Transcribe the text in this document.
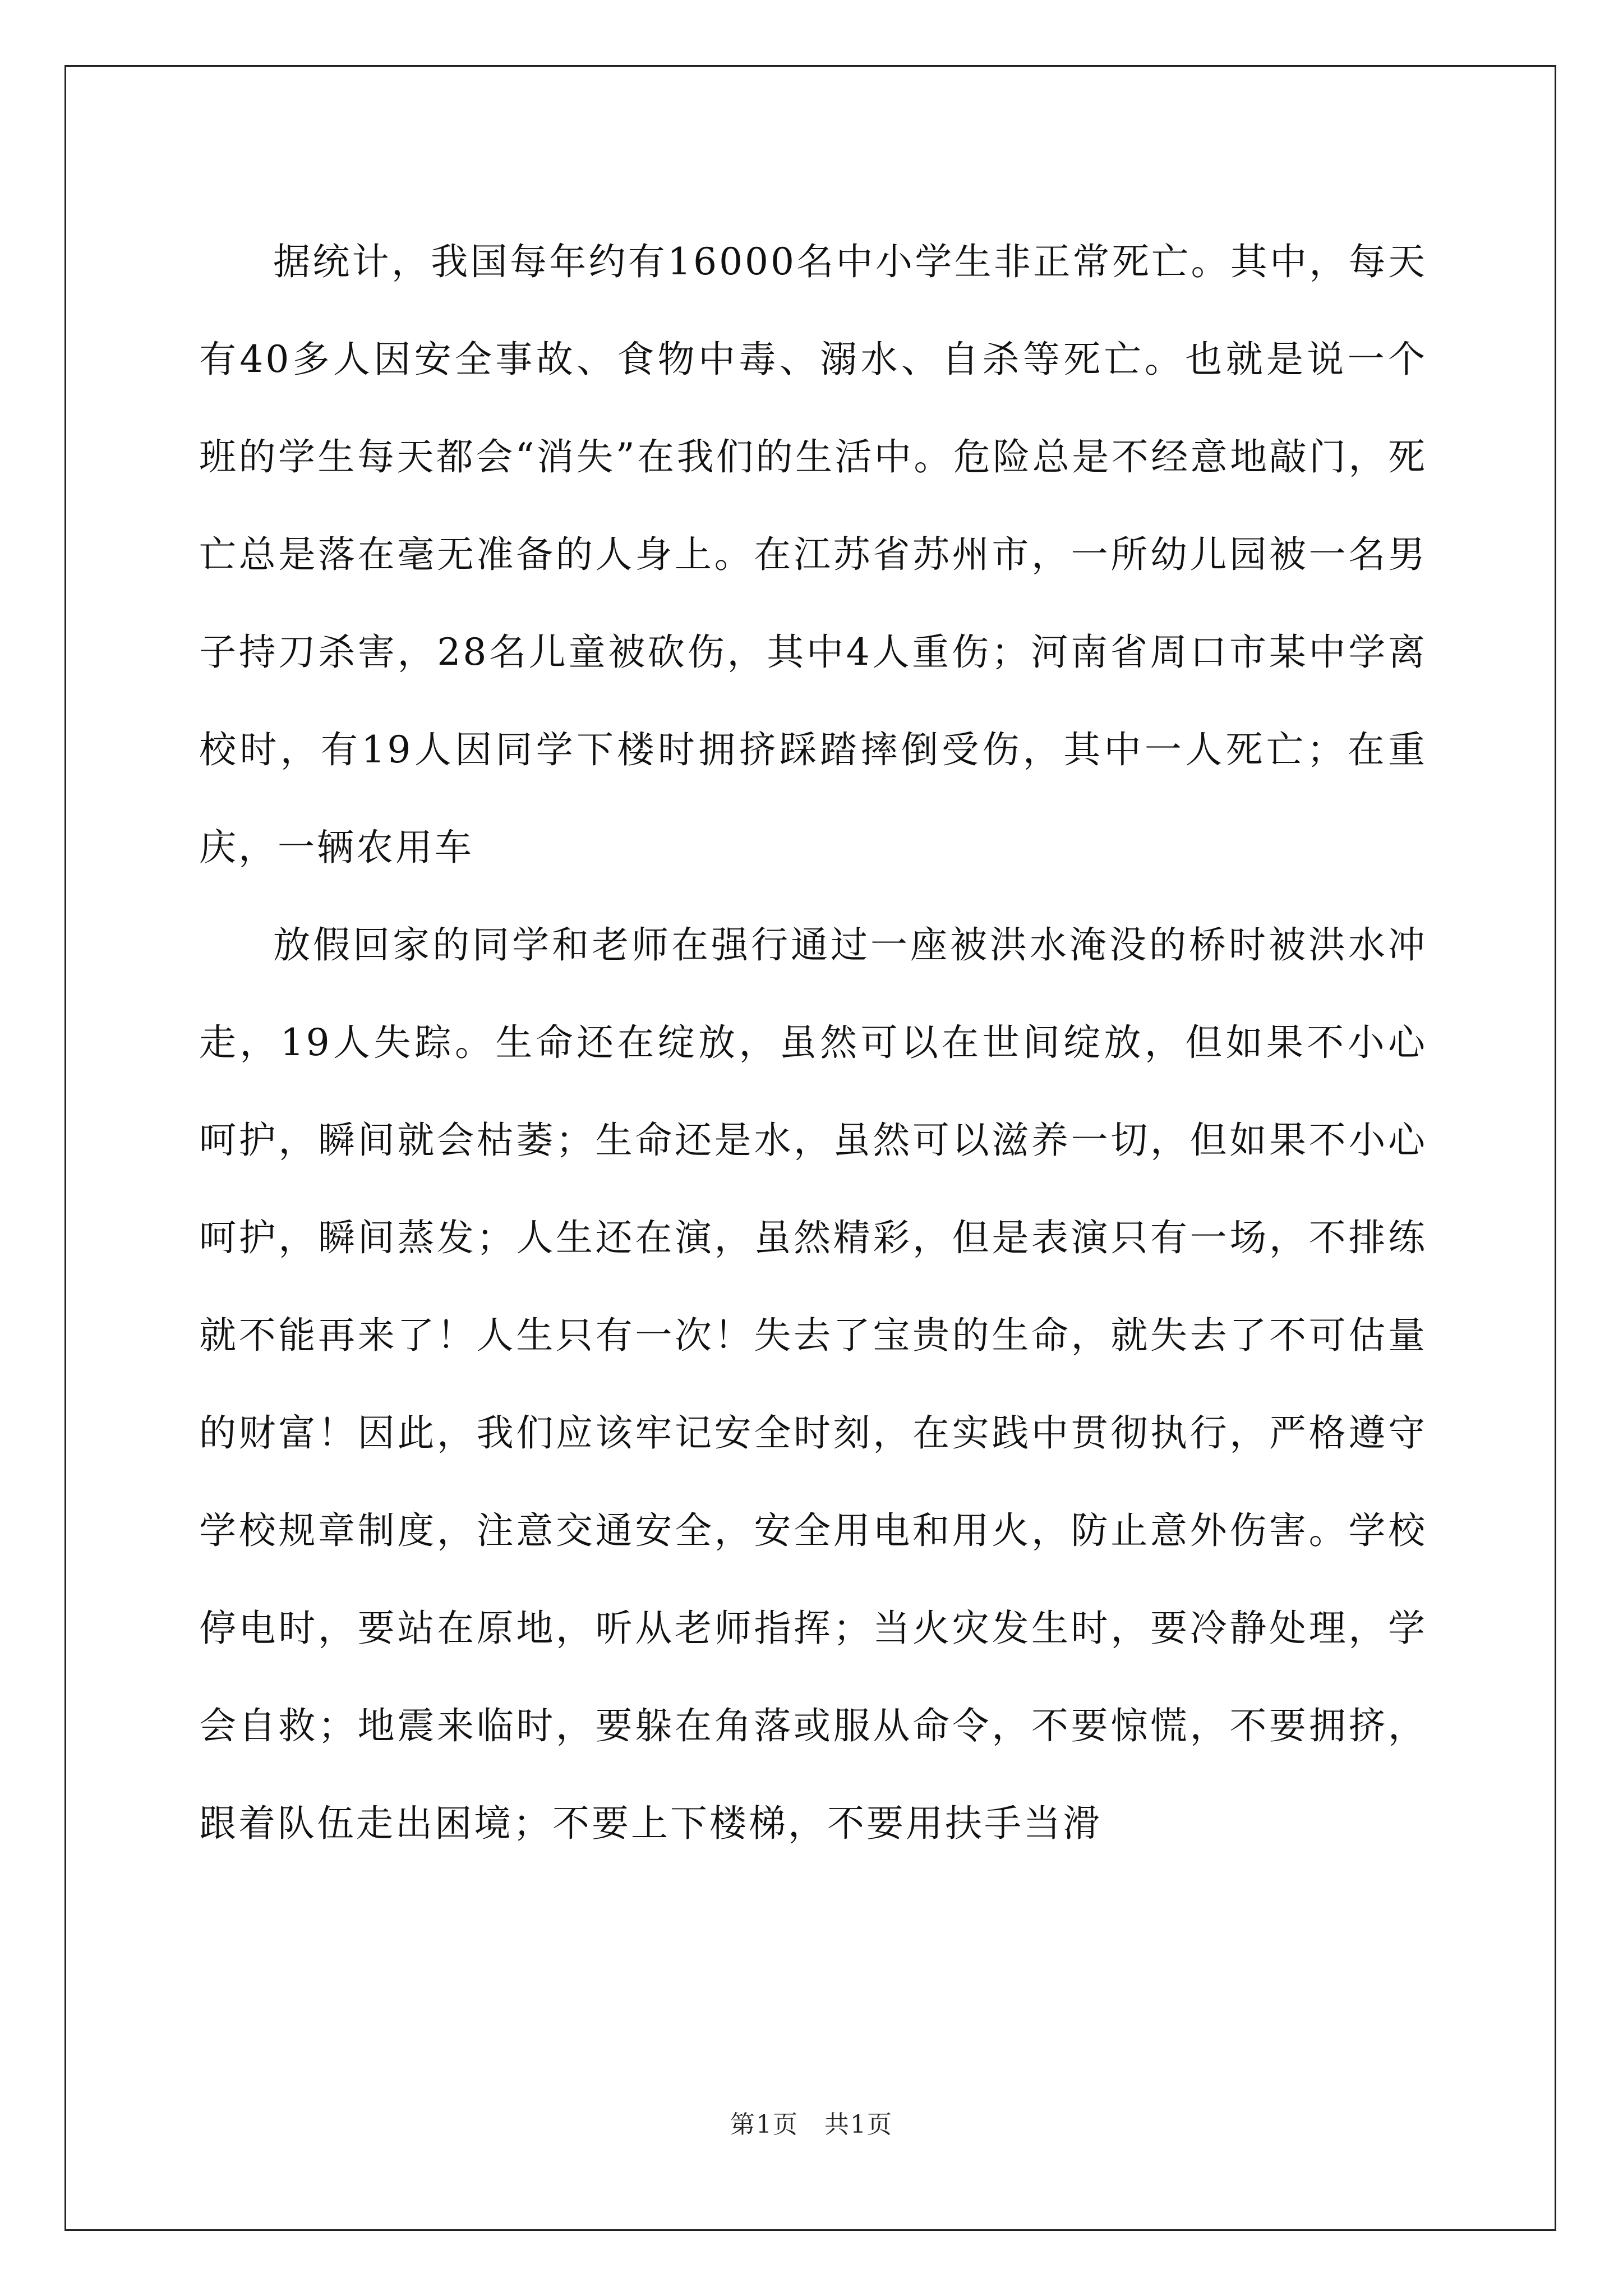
据统计，我国每年约有16000名中小学生非正常死亡。其中，每天有40多人因安全事故、食物中毒、溺水、自杀等死亡。也就是说一个班的学生每天都会“消失”在我们的生活中。危险总是不经意地敲门，死亡总是落在毫无准备的人身上。在江苏省苏州市，一所幼儿园被一名男子持刀杀害，28名儿童被砍伤，其中4人重伤；河南省周口市某中学离校时，有19人因同学下楼时拥挤踩踏摔倒受伤，其中一人死亡；在重庆，一辆农用车

放假回家的同学和老师在强行通过一座被洪水淹没的桥时被洪水冲走，19人失踪。生命还在绽放，虽然可以在世间绽放，但如果不小心呵护，瞬间就会枯萎；生命还是水，虽然可以滋养一切，但如果不小心呵护，瞬间蒸发；人生还在演，虽然精彩，但是表演只有一场，不排练就不能再来了！人生只有一次！失去了宝贵的生命，就失去了不可估量的财富！因此，我们应该牢记安全时刻，在实践中贯彻执行，严格遵守学校规章制度，注意交通安全，安全用电和用火，防止意外伤害。学校停电时，要站在原地，听从老师指挥；当火灾发生时，要冷静处理，学会自救；地震来临时，要躲在角落或服从命令，不要惊慌，不要拥挤，跟着队伍走出困境；不要上下楼梯，不要用扶手当滑

第1页　共1页
